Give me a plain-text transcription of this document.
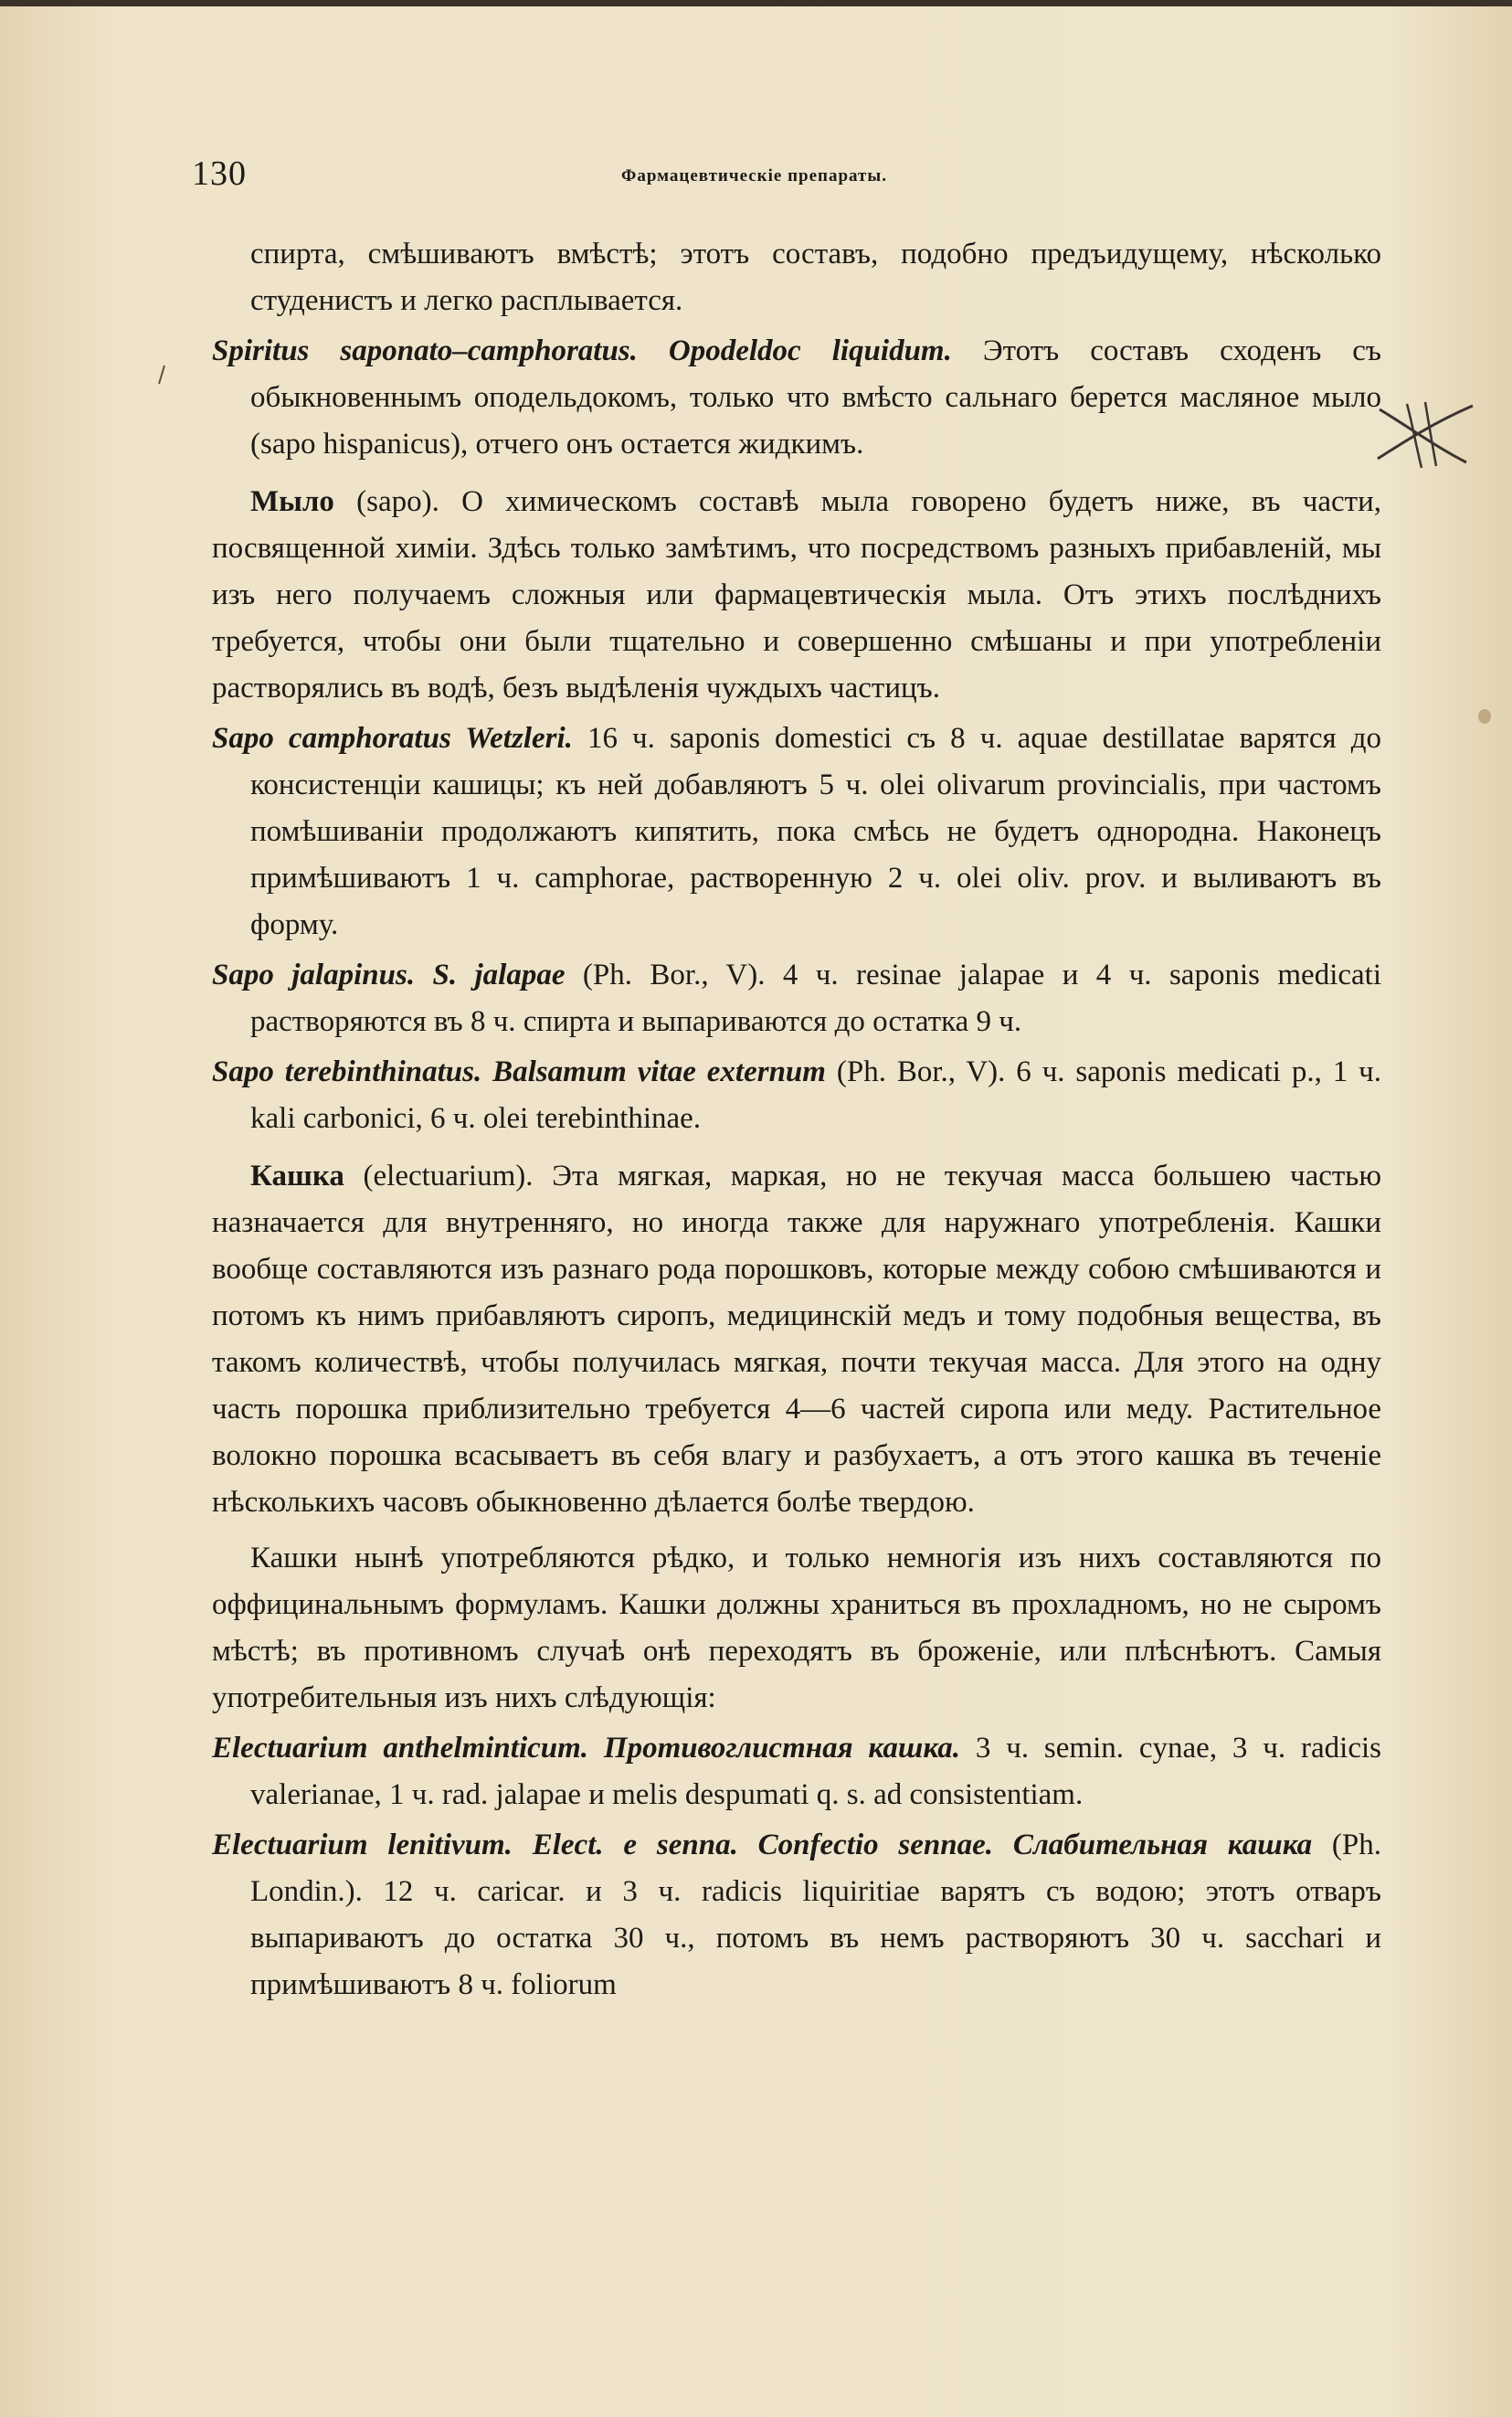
130	Фармацевтическіе препараты.

спирта, смѣшиваютъ вмѣстѣ; этотъ составъ, подобно предъидущему, нѣсколько студенистъ и легко расплывается.

Spiritus saponato–camphoratus. Opodeldoc liquidum. Этотъ составъ сходенъ съ обыкновеннымъ оподельдокомъ, только что вмѣсто сальнаго берется масляное мыло (sapo hispanicus), отчего онъ остается жидкимъ.

Мыло (sapo). О химическомъ составѣ мыла говорено будетъ ниже, въ части, посвященной химіи. Здѣсь только замѣтимъ, что посредствомъ разныхъ прибавленій, мы изъ него получаемъ сложныя или фармацевтическія мыла. Отъ этихъ послѣднихъ требуется, чтобы они были тщательно и совершенно смѣшаны и при употребленіи растворялись въ водѣ, безъ выдѣленія чуждыхъ частицъ.

Sapo camphoratus Wetzleri. 16 ч. saponis domestici съ 8 ч. aquae destillatae варятся до консистенціи кашицы; къ ней добавляютъ 5 ч. olei olivarum provincialis, при частомъ помѣшиваніи продолжаютъ кипятить, пока смѣсь не будетъ однородна. Наконецъ примѣшиваютъ 1 ч. camphorae, растворенную 2 ч. olei oliv. prov. и выливаютъ въ форму.

Sapo jalapinus. S. jalapae (Ph. Bor., V). 4 ч. resinae jalapae и 4 ч. saponis medicati растворяются въ 8 ч. спирта и выпариваются до остатка 9 ч.

Sapo terebinthinatus. Balsamum vitae externum (Ph. Bor., V). 6 ч. saponis medicati p., 1 ч. kali carbonici, 6 ч. olei terebinthinae.

Кашка (electuarium). Эта мягкая, маркая, но не текучая масса большею частью назначается для внутренняго, но иногда также для наружнаго употребленія. Кашки вообще составляются изъ разнаго рода порошковъ, которые между собою смѣшиваются и потомъ къ нимъ прибавляютъ сиропъ, медицинскій медъ и тому подобныя вещества, въ такомъ количествѣ, чтобы получилась мягкая, почти текучая масса. Для этого на одну часть порошка приблизительно требуется 4—6 частей сиропа или меду. Растительное волокно порошка всасываетъ въ себя влагу и разбухаетъ, а отъ этого кашка въ теченіе нѣсколькихъ часовъ обыкновенно дѣлается болѣе твердою.

Кашки нынѣ употребляются рѣдко, и только немногія изъ нихъ составляются по оффицинальнымъ формуламъ. Кашки должны храниться въ прохладномъ, но не сыромъ мѣстѣ; въ противномъ случаѣ онѣ переходятъ въ броженіе, или плѣснѣютъ. Самыя употребительныя изъ нихъ слѣдующія:

Electuarium anthelminticum. Противоглистная кашка. 3 ч. semin. cynae, 3 ч. radicis valerianae, 1 ч. rad. jalapae и melis despumati q. s. ad consistentiam.

Electuarium lenitivum. Elect. e senna. Confectio sennae. Слабительная кашка (Ph. Londin.). 12 ч. caricar. и 3 ч. radicis liquiritiae варятъ съ водою; этотъ отваръ выпариваютъ до остатка 30 ч., потомъ въ немъ растворяютъ 30 ч. sacchari и примѣшиваютъ 8 ч. foliorum
